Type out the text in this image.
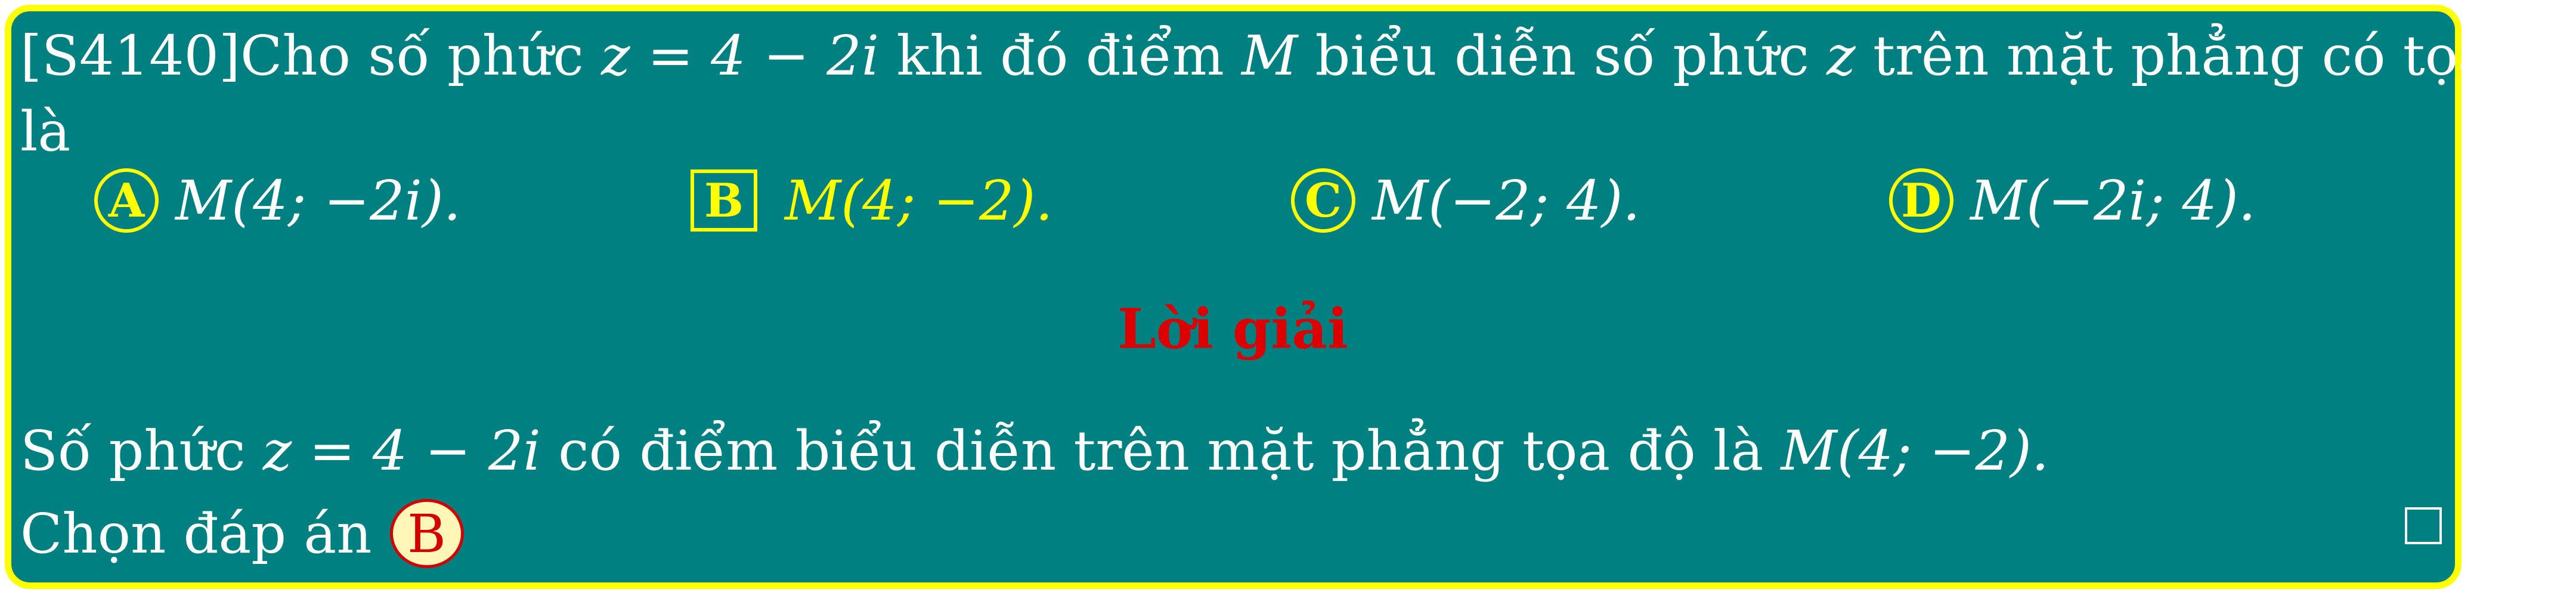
[S4140]Cho số phức z = 4 − 2i khi đó điểm M biểu diễn số phức z trên mặt phẳng có tọa độ
là
A M(4; −2i).	B M(4; −2).	C M(−2; 4).	D M(−2i; 4).
Lời giải
Số phức z = 4 − 2i có điểm biểu diễn trên mặt phẳng tọa độ là M(4; −2).
Chọn đáp án B
